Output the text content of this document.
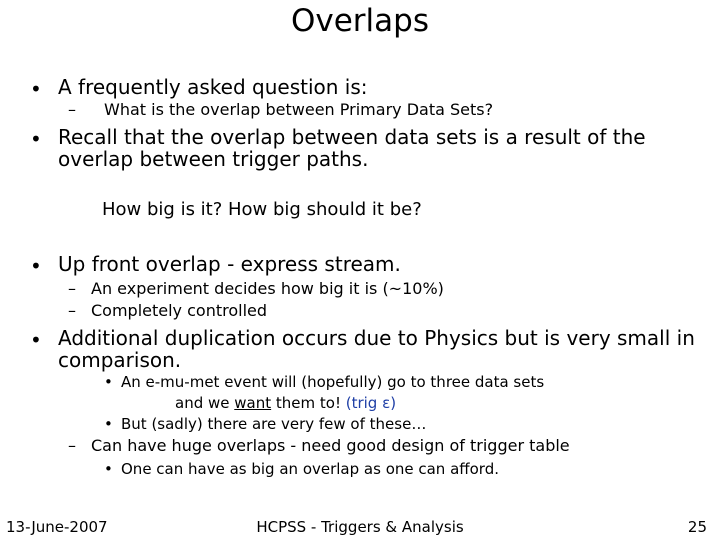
Overlaps
• A frequently asked question is:
– What is the overlap between Primary Data Sets?
• Recall that the overlap between data sets is a result of the
overlap between trigger paths.
How big is it? How big should it be?
• Up front overlap - express stream.
– An experiment decides how big it is (~10%)
– Completely controlled
• Additional duplication occurs due to Physics but is very small in
comparison.
• An e-mu-met event will (hopefully) go to three data sets
and we want them to! (trig ε)
• But (sadly) there are very few of these…
– Can have huge overlaps - need good design of trigger table
• One can have as big an overlap as one can afford.
13-June-2007	HCPSS - Triggers & Analysis	25
